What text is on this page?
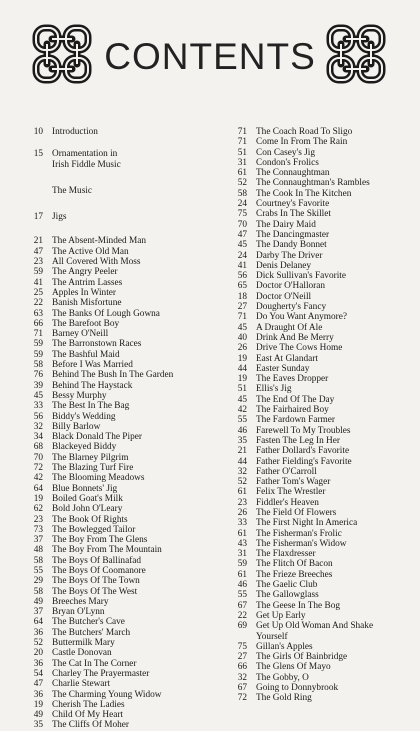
CONTENTS
10 Introduction
15 Ornamentation in
Irish Fiddle Music
The Music
17 Jigs
21 The Absent-Minded Man
47 The Active Old Man
23 All Covered With Moss
59 The Angry Peeler
41 The Antrim Lasses
25 Apples In Winter
22 Banish Misfortune
63 The Banks Of Lough Gowna
66 The Barefoot Boy
71 Barney O'Neill
59 The Barronstown Races
59 The Bashful Maid
58 Before I Was Married
76 Behind The Bush In The Garden
39 Behind The Haystack
45 Bessy Murphy
33 The Best In The Bag
56 Biddy's Wedding
32 Billy Barlow
34 Black Donald The Piper
68 Blackeyed Biddy
70 The Blarney Pilgrim
72 The Blazing Turf Fire
42 The Blooming Meadows
64 Blue Bonnets' Jig
19 Boiled Goat's Milk
62 Bold John O'Leary
23 The Book Of Rights
73 The Bowlegged Tailor
37 The Boy From The Glens
48 The Boy From The Mountain
58 The Boys Of Ballinafad
55 The Boys Of Coomanore
29 The Boys Of The Town
58 The Boys Of The West
49 Breeches Mary
37 Bryan O'Lynn
64 The Butcher's Cave
36 The Butchers' March
52 Buttermilk Mary
20 Castle Donovan
36 The Cat In The Corner
54 Charley The Prayermaster
47 Charlie Stewart
36 The Charming Young Widow
19 Cherish The Ladies
49 Child Of My Heart
35 The Cliffs Of Moher
71 The Coach Road To Sligo
71 Come In From The Rain
51 Con Casey's Jig
31 Condon's Frolics
61 The Connaughtman
52 The Connaughtman's Rambles
58 The Cook In The Kitchen
24 Courtney's Favorite
75 Crabs In The Skillet
70 The Dairy Maid
47 The Dancingmaster
45 The Dandy Bonnet
24 Darby The Driver
41 Denis Delaney
56 Dick Sullivan's Favorite
65 Doctor O'Halloran
18 Doctor O'Neill
27 Dougherty's Fancy
71 Do You Want Anymore?
45 A Draught Of Ale
40 Drink And Be Merry
26 Drive The Cows Home
19 East At Glandart
44 Easter Sunday
19 The Eaves Dropper
51 Ellis's Jig
45 The End Of The Day
42 The Fairhaired Boy
55 The Fardown Farmer
46 Farewell To My Troubles
35 Fasten The Leg In Her
21 Father Dollard's Favorite
44 Father Fielding's Favorite
32 Father O'Carroll
52 Father Tom's Wager
61 Felix The Wrestler
23 Fiddler's Heaven
26 The Field Of Flowers
33 The First Night In America
61 The Fisherman's Frolic
43 The Fisherman's Widow
31 The Flaxdresser
59 The Flitch Of Bacon
61 The Frieze Breeches
46 The Gaelic Club
55 The Gallowglass
67 The Geese In The Bog
22 Get Up Early
69 Get Up Old Woman And Shake
Yourself
75 Gillan's Apples
27 The Girls Of Bainbridge
66 The Glens Of Mayo
32 The Gobby, O
67 Going to Donnybrook
72 The Gold Ring
